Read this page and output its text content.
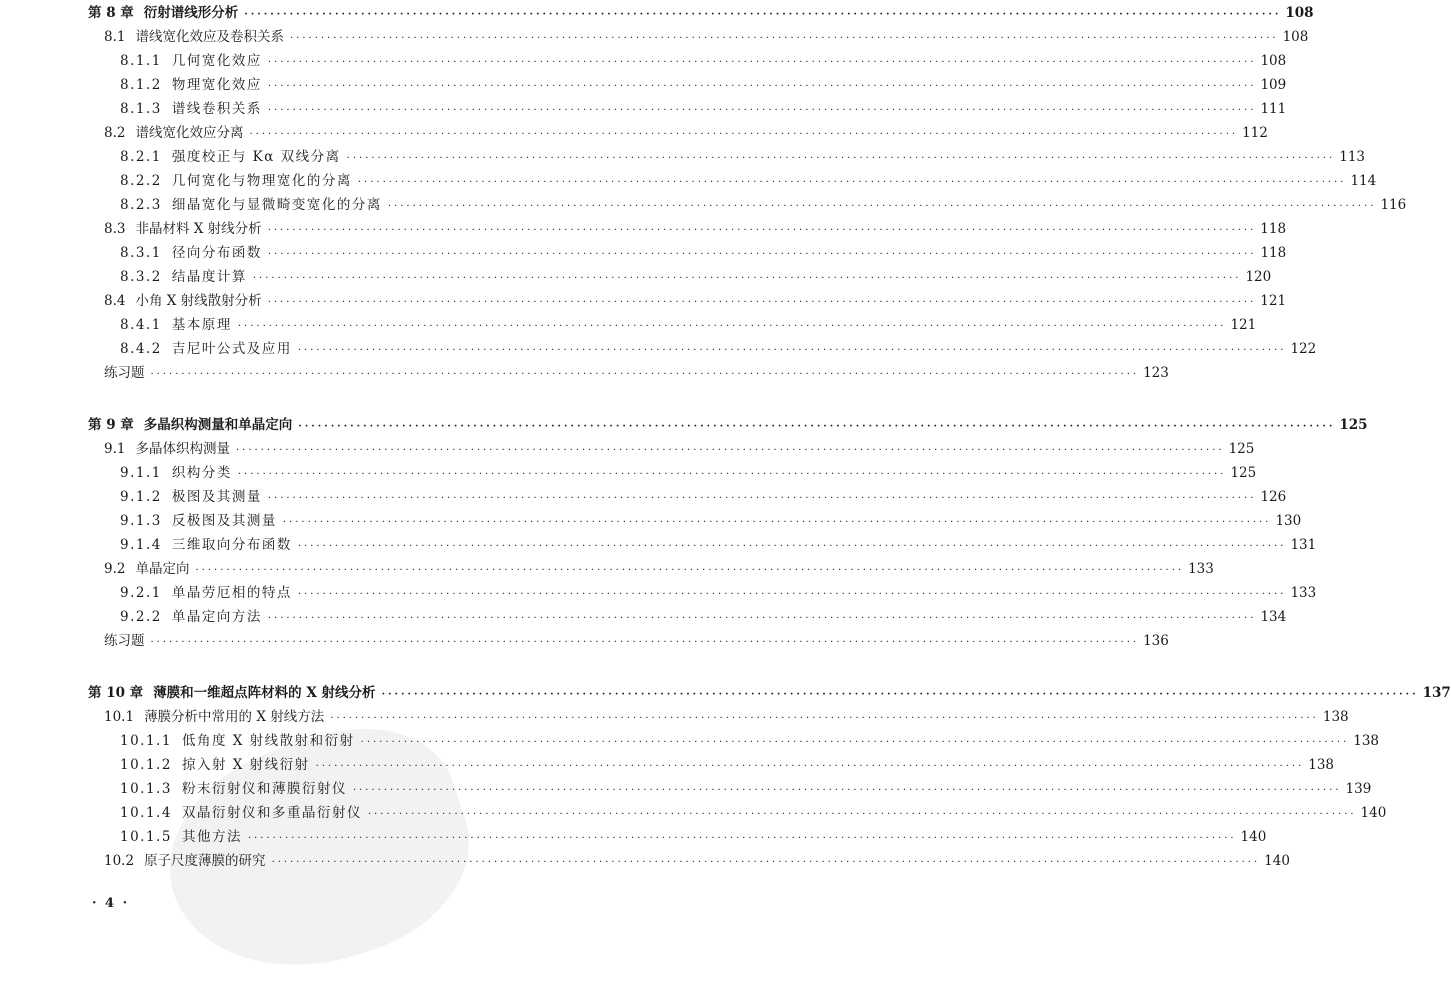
第 8 章 衍射谱线形分析 ································································································································································ 108
8.1 谱线宽化效应及卷积关系 ································································································································································ 108
8.1.1 几何宽化效应 ································································································································································ 108
8.1.2 物理宽化效应 ································································································································································ 109
8.1.3 谱线卷积关系 ································································································································································ 111
8.2 谱线宽化效应分离 ································································································································································ 112
8.2.1 强度校正与 Kα 双线分离 ································································································································································ 113
8.2.2 几何宽化与物理宽化的分离 ································································································································································ 114
8.2.3 细晶宽化与显微畸变宽化的分离 ································································································································································ 116
8.3 非晶材料 X 射线分析 ································································································································································ 118
8.3.1 径向分布函数 ································································································································································ 118
8.3.2 结晶度计算 ································································································································································ 120
8.4 小角 X 射线散射分析 ································································································································································ 121
8.4.1 基本原理 ································································································································································ 121
8.4.2 吉尼叶公式及应用 ································································································································································ 122
练习题 ································································································································································ 123
第 9 章 多晶织构测量和单晶定向 ································································································································································ 125
9.1 多晶体织构测量 ································································································································································ 125
9.1.1 织构分类 ································································································································································ 125
9.1.2 极图及其测量 ································································································································································ 126
9.1.3 反极图及其测量 ································································································································································ 130
9.1.4 三维取向分布函数 ································································································································································ 131
9.2 单晶定向 ································································································································································ 133
9.2.1 单晶劳厄相的特点 ································································································································································ 133
9.2.2 单晶定向方法 ································································································································································ 134
练习题 ································································································································································ 136
第 10 章 薄膜和一维超点阵材料的 X 射线分析 ································································································································································ 137
10.1 薄膜分析中常用的 X 射线方法 ································································································································································ 138
10.1.1 低角度 X 射线散射和衍射 ································································································································································ 138
10.1.2 掠入射 X 射线衍射 ································································································································································ 138
10.1.3 粉末衍射仪和薄膜衍射仪 ································································································································································ 139
10.1.4 双晶衍射仪和多重晶衍射仪 ································································································································································ 140
10.1.5 其他方法 ································································································································································ 140
10.2 原子尺度薄膜的研究 ································································································································································ 140
· 4 ·
